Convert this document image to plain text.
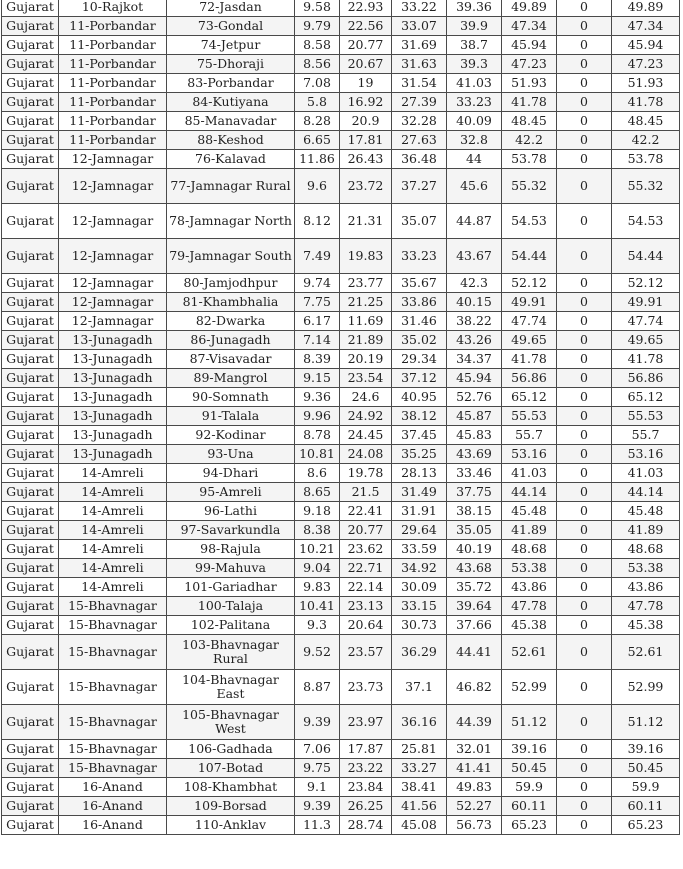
Gujarat	10-Rajkot	72-Jasdan	9.58	22.93	33.22	39.36	49.89	0	49.89
Gujarat	11-Porbandar	73-Gondal	9.79	22.56	33.07	39.9	47.34	0	47.34
Gujarat	11-Porbandar	74-Jetpur	8.58	20.77	31.69	38.7	45.94	0	45.94
Gujarat	11-Porbandar	75-Dhoraji	8.56	20.67	31.63	39.3	47.23	0	47.23
Gujarat	11-Porbandar	83-Porbandar	7.08	19	31.54	41.03	51.93	0	51.93
Gujarat	11-Porbandar	84-Kutiyana	5.8	16.92	27.39	33.23	41.78	0	41.78
Gujarat	11-Porbandar	85-Manavadar	8.28	20.9	32.28	40.09	48.45	0	48.45
Gujarat	11-Porbandar	88-Keshod	6.65	17.81	27.63	32.8	42.2	0	42.2
Gujarat	12-Jamnagar	76-Kalavad	11.86	26.43	36.48	44	53.78	0	53.78
Gujarat	12-Jamnagar	77-Jamnagar Rural	9.6	23.72	37.27	45.6	55.32	0	55.32
Gujarat	12-Jamnagar	78-Jamnagar North	8.12	21.31	35.07	44.87	54.53	0	54.53
Gujarat	12-Jamnagar	79-Jamnagar South	7.49	19.83	33.23	43.67	54.44	0	54.44
Gujarat	12-Jamnagar	80-Jamjodhpur	9.74	23.77	35.67	42.3	52.12	0	52.12
Gujarat	12-Jamnagar	81-Khambhalia	7.75	21.25	33.86	40.15	49.91	0	49.91
Gujarat	12-Jamnagar	82-Dwarka	6.17	11.69	31.46	38.22	47.74	0	47.74
Gujarat	13-Junagadh	86-Junagadh	7.14	21.89	35.02	43.26	49.65	0	49.65
Gujarat	13-Junagadh	87-Visavadar	8.39	20.19	29.34	34.37	41.78	0	41.78
Gujarat	13-Junagadh	89-Mangrol	9.15	23.54	37.12	45.94	56.86	0	56.86
Gujarat	13-Junagadh	90-Somnath	9.36	24.6	40.95	52.76	65.12	0	65.12
Gujarat	13-Junagadh	91-Talala	9.96	24.92	38.12	45.87	55.53	0	55.53
Gujarat	13-Junagadh	92-Kodinar	8.78	24.45	37.45	45.83	55.7	0	55.7
Gujarat	13-Junagadh	93-Una	10.81	24.08	35.25	43.69	53.16	0	53.16
Gujarat	14-Amreli	94-Dhari	8.6	19.78	28.13	33.46	41.03	0	41.03
Gujarat	14-Amreli	95-Amreli	8.65	21.5	31.49	37.75	44.14	0	44.14
Gujarat	14-Amreli	96-Lathi	9.18	22.41	31.91	38.15	45.48	0	45.48
Gujarat	14-Amreli	97-Savarkundla	8.38	20.77	29.64	35.05	41.89	0	41.89
Gujarat	14-Amreli	98-Rajula	10.21	23.62	33.59	40.19	48.68	0	48.68
Gujarat	14-Amreli	99-Mahuva	9.04	22.71	34.92	43.68	53.38	0	53.38
Gujarat	14-Amreli	101-Gariadhar	9.83	22.14	30.09	35.72	43.86	0	43.86
Gujarat	15-Bhavnagar	100-Talaja	10.41	23.13	33.15	39.64	47.78	0	47.78
Gujarat	15-Bhavnagar	102-Palitana	9.3	20.64	30.73	37.66	45.38	0	45.38
Gujarat	15-Bhavnagar	103-Bhavnagar Rural	9.52	23.57	36.29	44.41	52.61	0	52.61
Gujarat	15-Bhavnagar	104-Bhavnagar East	8.87	23.73	37.1	46.82	52.99	0	52.99
Gujarat	15-Bhavnagar	105-Bhavnagar West	9.39	23.97	36.16	44.39	51.12	0	51.12
Gujarat	15-Bhavnagar	106-Gadhada	7.06	17.87	25.81	32.01	39.16	0	39.16
Gujarat	15-Bhavnagar	107-Botad	9.75	23.22	33.27	41.41	50.45	0	50.45
Gujarat	16-Anand	108-Khambhat	9.1	23.84	38.41	49.83	59.9	0	59.9
Gujarat	16-Anand	109-Borsad	9.39	26.25	41.56	52.27	60.11	0	60.11
Gujarat	16-Anand	110-Anklav	11.3	28.74	45.08	56.73	65.23	0	65.23
